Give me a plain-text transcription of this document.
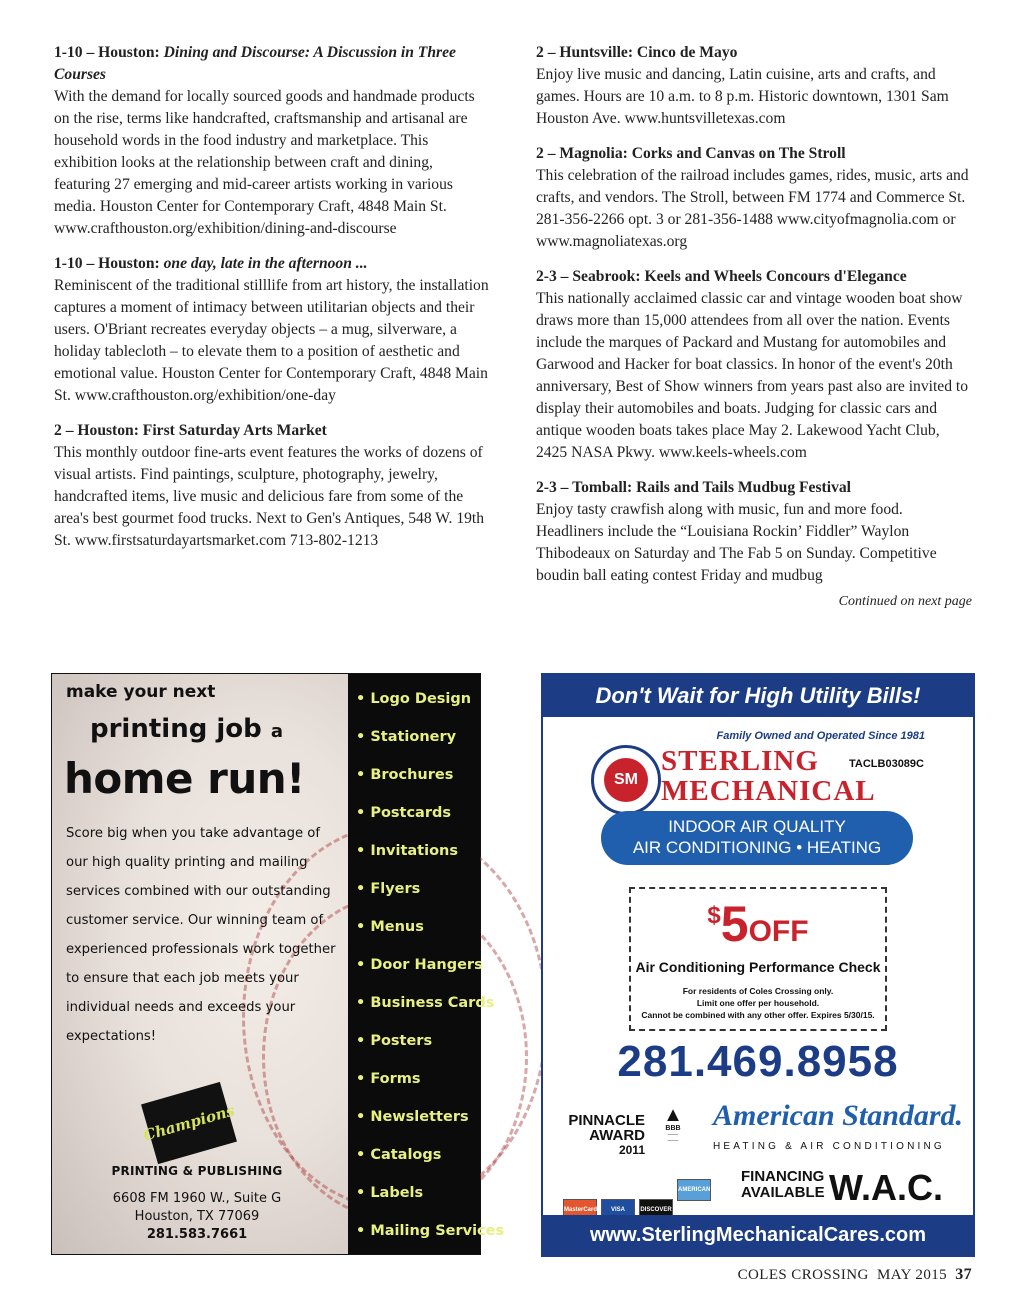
1-10 – Houston: Dining and Discourse: A Discussion in Three Courses
With the demand for locally sourced goods and handmade products on the rise, terms like handcrafted, craftsmanship and artisanal are household words in the food industry and marketplace. This exhibition looks at the relationship between craft and dining, featuring 27 emerging and mid-career artists working in various media. Houston Center for Contemporary Craft, 4848 Main St. www.crafthouston.org/exhibition/dining-and-discourse
1-10 – Houston: one day, late in the afternoon ...
Reminiscent of the traditional stilllife from art history, the installation captures a moment of intimacy between utilitarian objects and their users. O'Briant recreates everyday objects – a mug, silverware, a holiday tablecloth – to elevate them to a position of aesthetic and emotional value. Houston Center for Contemporary Craft, 4848 Main St. www.crafthouston.org/exhibition/one-day
2 – Houston: First Saturday Arts Market
This monthly outdoor fine-arts event features the works of dozens of visual artists. Find paintings, sculpture, photography, jewelry, handcrafted items, live music and delicious fare from some of the area's best gourmet food trucks. Next to Gen's Antiques, 548 W. 19th St. www.firstsaturdayartsmarket.com 713-802-1213
2 – Huntsville: Cinco de Mayo
Enjoy live music and dancing, Latin cuisine, arts and crafts, and games. Hours are 10 a.m. to 8 p.m. Historic downtown, 1301 Sam Houston Ave. www.huntsvilletexas.com
2 – Magnolia: Corks and Canvas on The Stroll
This celebration of the railroad includes games, rides, music, arts and crafts, and vendors. The Stroll, between FM 1774 and Commerce St. 281-356-2266 opt. 3 or 281-356-1488 www.cityofmagnolia.com or www.magnoliatexas.org
2-3 – Seabrook: Keels and Wheels Concours d'Elegance
This nationally acclaimed classic car and vintage wooden boat show draws more than 15,000 attendees from all over the nation. Events include the marques of Packard and Mustang for automobiles and Garwood and Hacker for boat classics. In honor of the event's 20th anniversary, Best of Show winners from years past also are invited to display their automobiles and boats. Judging for classic cars and antique wooden boats takes place May 2. Lakewood Yacht Club, 2425 NASA Pkwy. www.keels-wheels.com
2-3 – Tomball: Rails and Tails Mudbug Festival
Enjoy tasty crawfish along with music, fun and more food. Headliners include the “Louisiana Rockin’ Fiddler” Waylon Thibodeaux on Saturday and The Fab 5 on Sunday. Competitive boudin ball eating contest Friday and mudbug
Continued on next page
make your next
printing job a
home run!
Score big when you take advantage of our high quality printing and mailing services combined with our outstanding customer service. Our winning team of experienced professionals work together to ensure that each job meets your individual needs and exceeds your expectations!
Champions
PRINTING & PUBLISHING
6608 FM 1960 W., Suite G
Houston, TX 77069
281.583.7661
• Logo Design
• Stationery
• Brochures
• Postcards
• Invitations
• Flyers
• Menus
• Door Hangers
• Business Cards
• Posters
• Forms
• Newsletters
• Catalogs
• Labels
• Mailing Services
Don't Wait for High Utility Bills!
Family Owned and Operated Since 1981
SM
STERLING
MECHANICAL
TACLB03089C
INDOOR AIR QUALITY
AIR CONDITIONING • HEATING
$5OFF
Air Conditioning Performance Check
For residents of Coles Crossing only.
Limit one offer per household.
Cannot be combined with any other offer. Expires 5/30/15.
281.469.8958
PINNACLE
AWARD
2011
▲
BBB
───
───
American Standard.
HEATING & AIR CONDITIONING
MasterCard VISA	DISCOVERAMERICAN EXPRESS
FINANCING
AVAILABLE W.A.C.
www.SterlingMechanicalCares.com
COLES CROSSING MAY 2015 37
